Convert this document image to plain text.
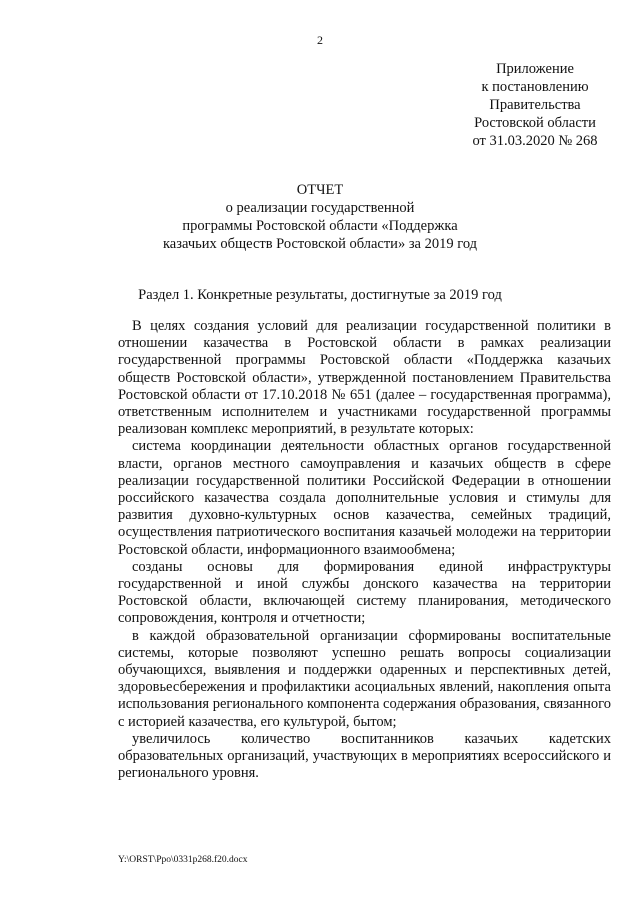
2
Приложение
к постановлению
Правительства
Ростовской области
от 31.03.2020 № 268
ОТЧЕТ
о реализации государственной
программы Ростовской области «Поддержка
казачьих обществ Ростовской области» за 2019 год
Раздел 1. Конкретные результаты, достигнутые за 2019 год

В целях создания условий для реализации государственной политики в отношении казачества в Ростовской области в рамках реализации государственной программы Ростовской области «Поддержка казачьих обществ Ростовской области», утвержденной постановлением Правительства Ростовской области от 17.10.2018 № 651 (далее – государственная программа), ответственным исполнителем и участниками государственной программы реализован комплекс мероприятий, в результате которых:

система координации деятельности областных органов государственной власти, органов местного самоуправления и казачьих обществ в сфере реализации государственной политики Российской Федерации в отношении российского казачества создала дополнительные условия и стимулы для развития духовно-культурных основ казачества, семейных традиций, осуществления патриотического воспитания казачьей молодежи на территории Ростовской области, информационного взаимообмена;

созданы основы для формирования единой инфраструктуры государственной и иной службы донского казачества на территории Ростовской области, включающей систему планирования, методического сопровождения, контроля и отчетности;

в каждой образовательной организации сформированы воспитательные системы, которые позволяют успешно решать вопросы социализации обучающихся, выявления и поддержки одаренных и перспективных детей, здоровьесбережения и профилактики асоциальных явлений, накопления опыта использования регионального компонента содержания образования, связанного с историей казачества, его культурой, бытом;

увеличилось количество воспитанников казачьих кадетских образовательных организаций, участвующих в мероприятиях всероссийского и регионального уровня.

Y:\ORST\Ppo\0331p268.f20.docx
